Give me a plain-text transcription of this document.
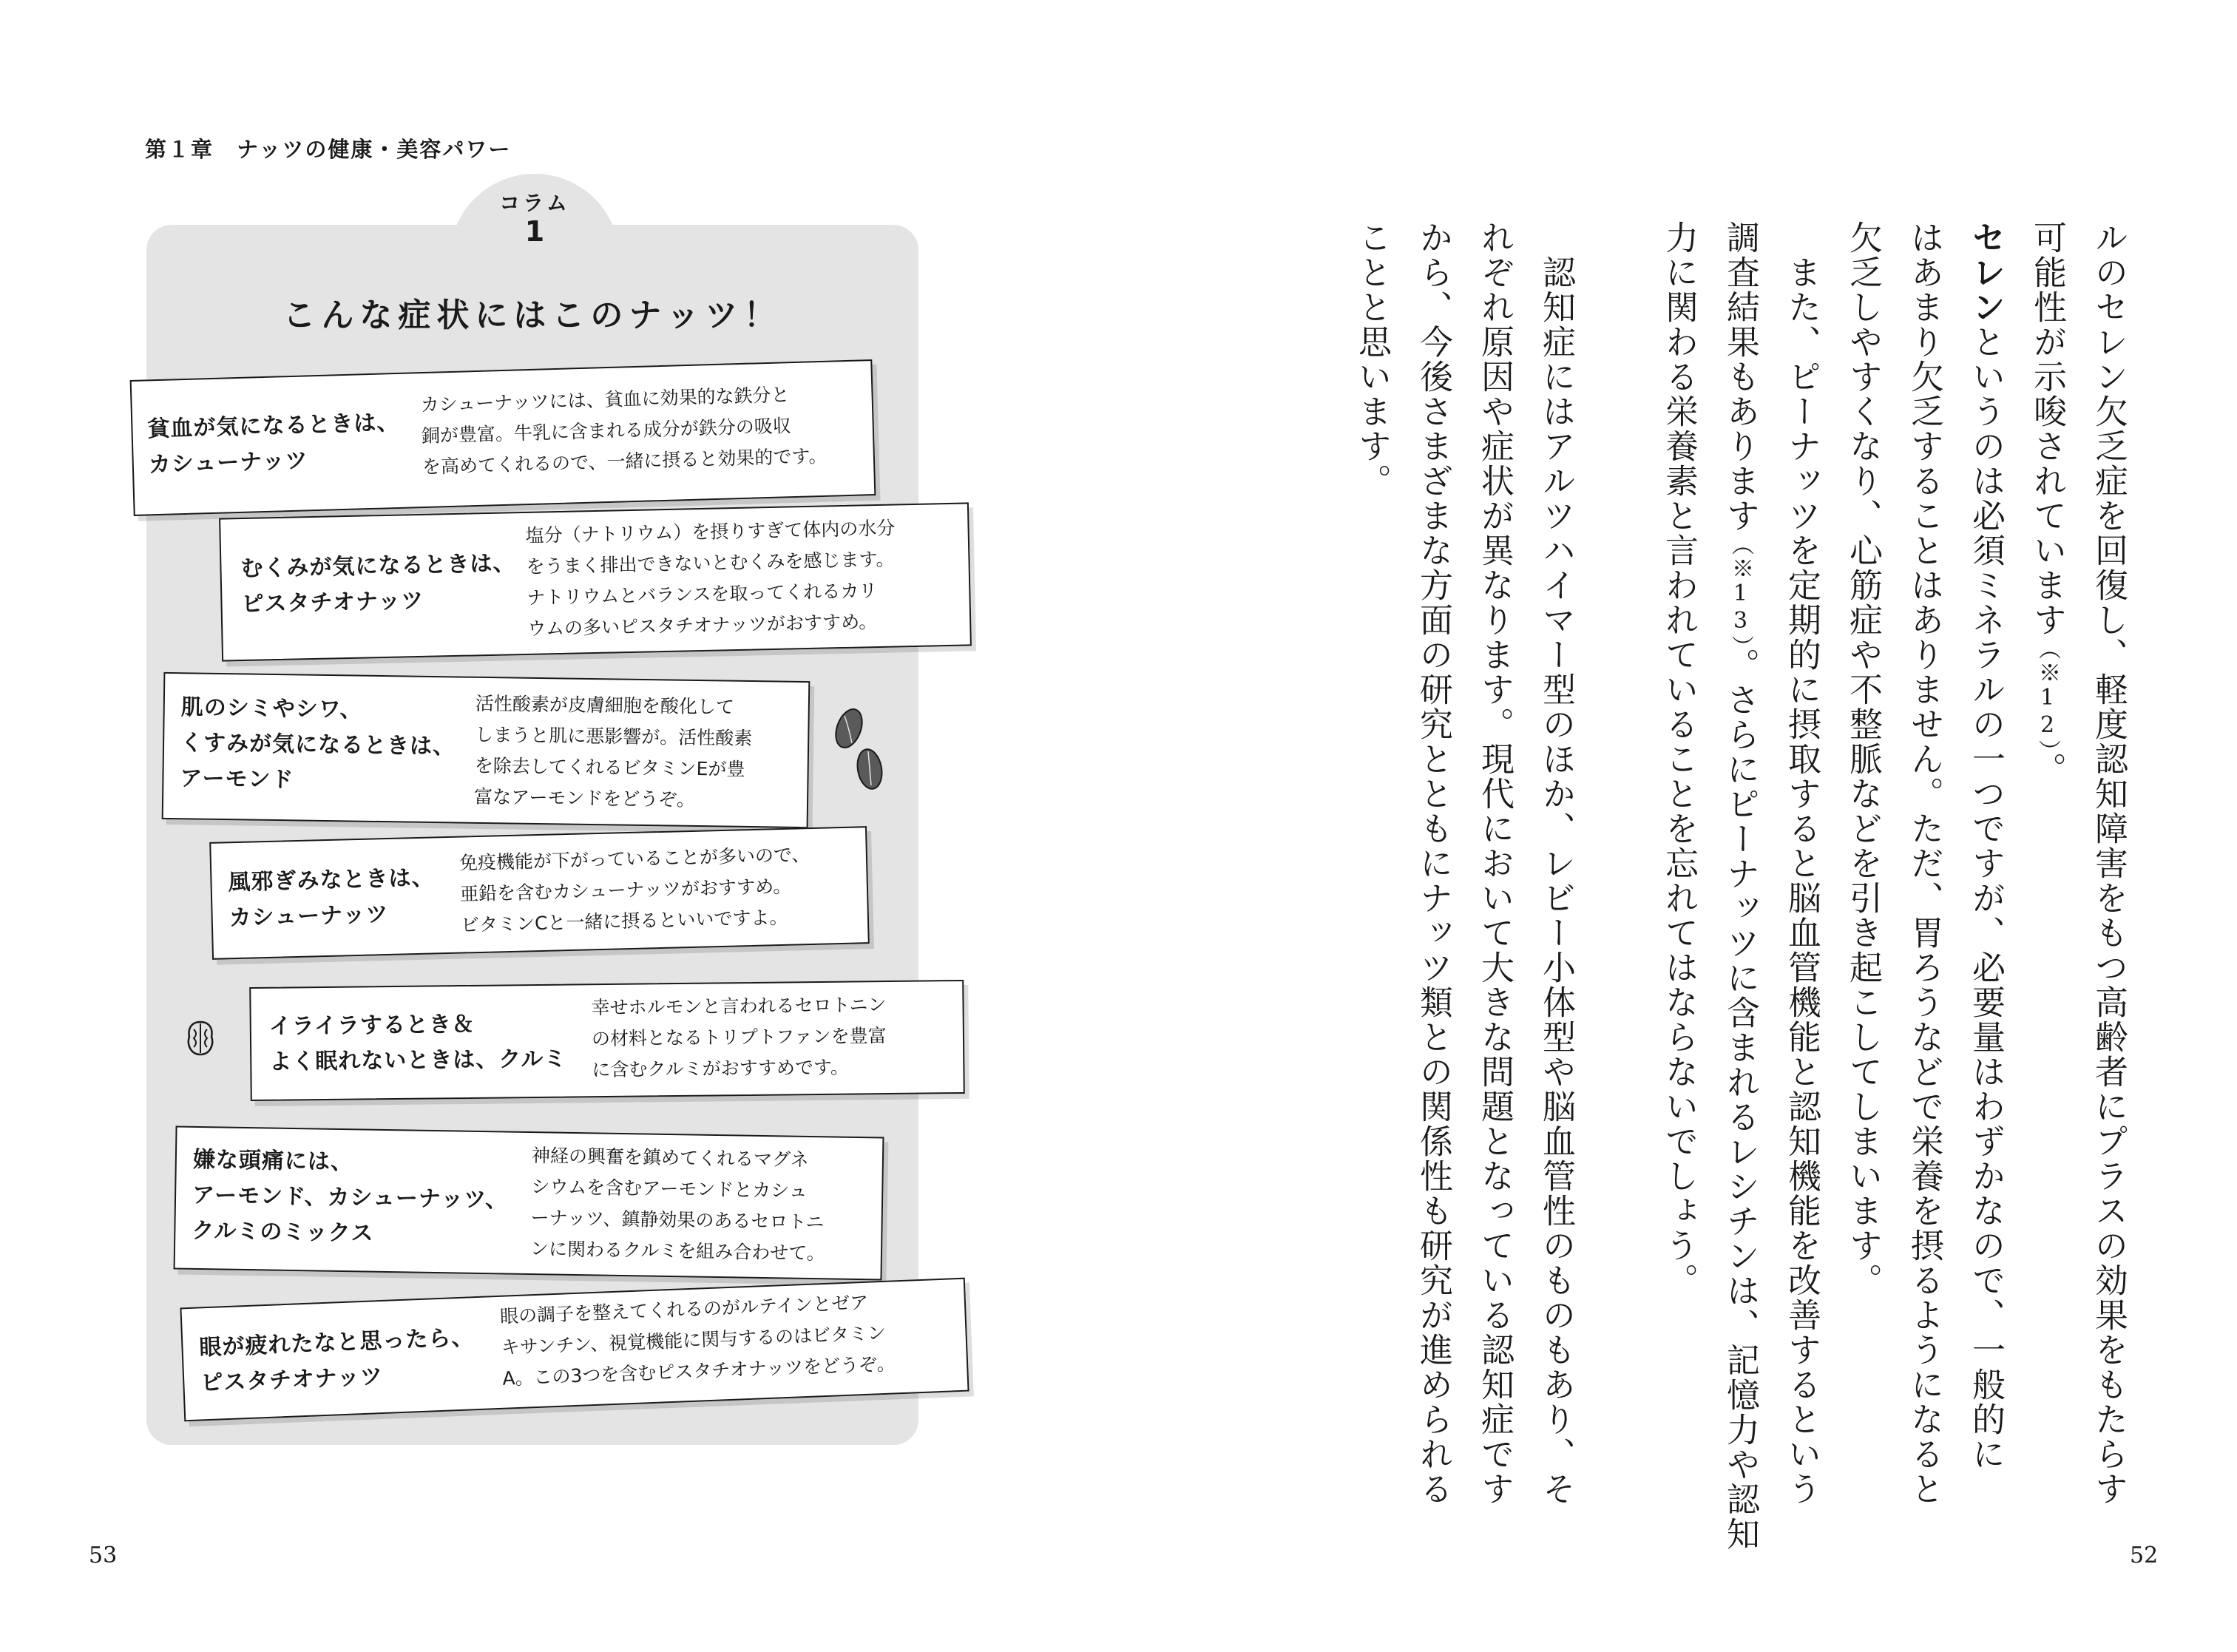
第１章　ナッツの健康・美容パワー
コラム
1
こんな症状にはこのナッツ！
貧血が気になるときは、
カシューナッツ
カシューナッツには、貧血に効果的な鉄分と
銅が豊富。牛乳に含まれる成分が鉄分の吸収
を高めてくれるので、一緒に摂ると効果的です。
むくみが気になるときは、
ピスタチオナッツ
塩分（ナトリウム）を摂りすぎて体内の水分
をうまく排出できないとむくみを感じます。
ナトリウムとバランスを取ってくれるカリ
ウムの多いピスタチオナッツがおすすめ。
肌のシミやシワ、
くすみが気になるときは、
アーモンド
活性酸素が皮膚細胞を酸化して
しまうと肌に悪影響が。活性酸素
を除去してくれるビタミンEが豊
富なアーモンドをどうぞ。
風邪ぎみなときは、
カシューナッツ
免疫機能が下がっていることが多いので、
亜鉛を含むカシューナッツがおすすめ。
ビタミンCと一緒に摂るといいですよ。
イライラするとき＆
よく眠れないときは、クルミ
幸せホルモンと言われるセロトニン
の材料となるトリプトファンを豊富
に含むクルミがおすすめです。
嫌な頭痛には、
アーモンド、カシューナッツ、
クルミのミックス
神経の興奮を鎮めてくれるマグネ
シウムを含むアーモンドとカシュ
ーナッツ、鎮静効果のあるセロトニ
ンに関わるクルミを組み合わせて。
眼が疲れたなと思ったら、
ピスタチオナッツ
眼の調子を整えてくれるのがルテインとゼア
キサンチン、視覚機能に関与するのはビタミン
A。この3つを含むピスタチオナッツをどうぞ。
53
ルのセレン欠乏症を回復し、軽度認知障害をもつ高齢者にプラスの効果をもたらす
可能性が示唆されています（※12）。
セレンというのは必須ミネラルの一つですが、必要量はわずかなので、一般的に
はあまり欠乏することはありません。ただ、胃ろうなどで栄養を摂るようになると
欠乏しやすくなり、心筋症や不整脈などを引き起こしてしまいます。
　また、ピーナッツを定期的に摂取すると脳血管機能と認知機能を改善するという
調査結果もあります（※13）。さらにピーナッツに含まれるレシチンは、記憶力や認知
力に関わる栄養素と言われていることを忘れてはならないでしょう。
　認知症にはアルツハイマー型のほか、レビー小体型や脳血管性のものもあり、そ
れぞれ原因や症状が異なります。現代において大きな問題となっている認知症です
から、今後さまざまな方面の研究とともにナッツ類との関係性も研究が進められる
ことと思います。
52
